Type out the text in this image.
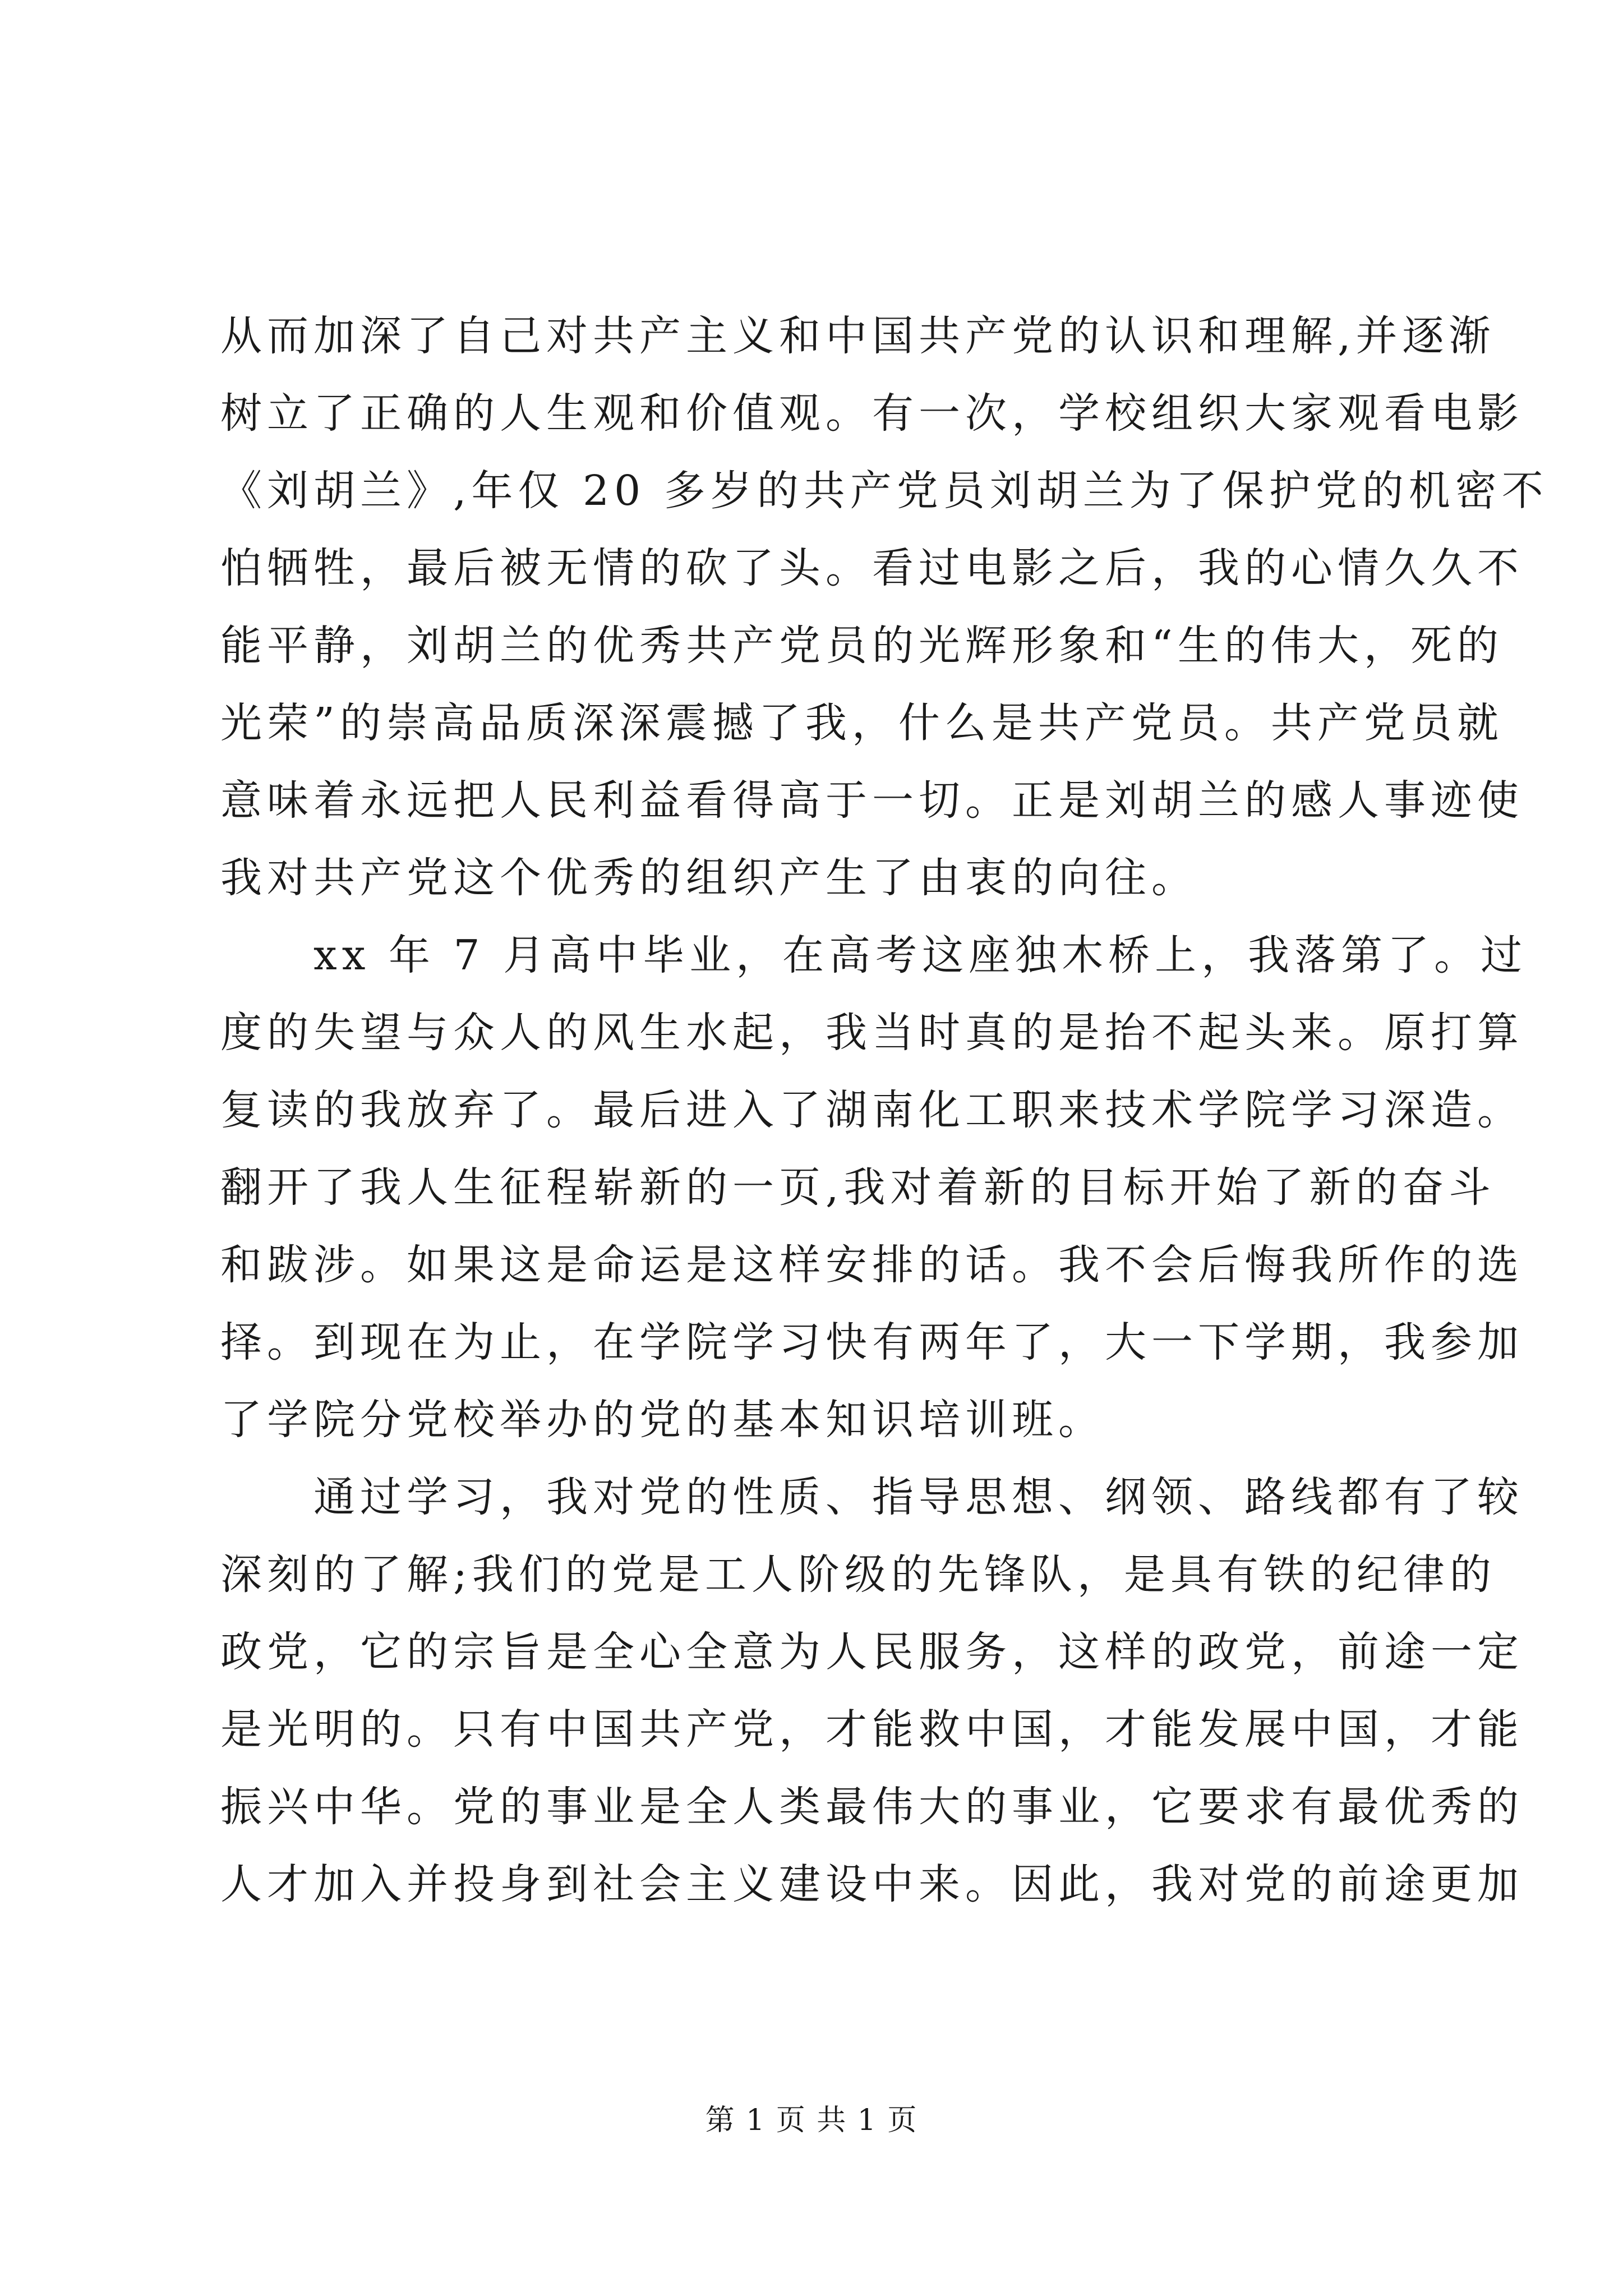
从而加深了自己对共产主义和中国共产党的认识和理解,并逐渐
树立了正确的人生观和价值观。有一次，学校组织大家观看电影
《刘胡兰》,年仅 20 多岁的共产党员刘胡兰为了保护党的机密不
怕牺牲，最后被无情的砍了头。看过电影之后，我的心情久久不
能平静，刘胡兰的优秀共产党员的光辉形象和“生的伟大，死的
光荣”的崇高品质深深震撼了我，什么是共产党员。共产党员就
意味着永远把人民利益看得高于一切。正是刘胡兰的感人事迹使
我对共产党这个优秀的组织产生了由衷的向往。
　　xx 年 7 月高中毕业，在高考这座独木桥上，我落第了。过
度的失望与众人的风生水起，我当时真的是抬不起头来。原打算
复读的我放弃了。最后进入了湖南化工职来技术学院学习深造。
翻开了我人生征程崭新的一页,我对着新的目标开始了新的奋斗
和跋涉。如果这是命运是这样安排的话。我不会后悔我所作的选
择。到现在为止，在学院学习快有两年了，大一下学期，我参加
了学院分党校举办的党的基本知识培训班。
　　通过学习，我对党的性质、指导思想、纲领、路线都有了较
深刻的了解;我们的党是工人阶级的先锋队，是具有铁的纪律的
政党，它的宗旨是全心全意为人民服务，这样的政党，前途一定
是光明的。只有中国共产党，才能救中国，才能发展中国，才能
振兴中华。党的事业是全人类最伟大的事业，它要求有最优秀的
人才加入并投身到社会主义建设中来。因此，我对党的前途更加
第 1 页 共 1 页
